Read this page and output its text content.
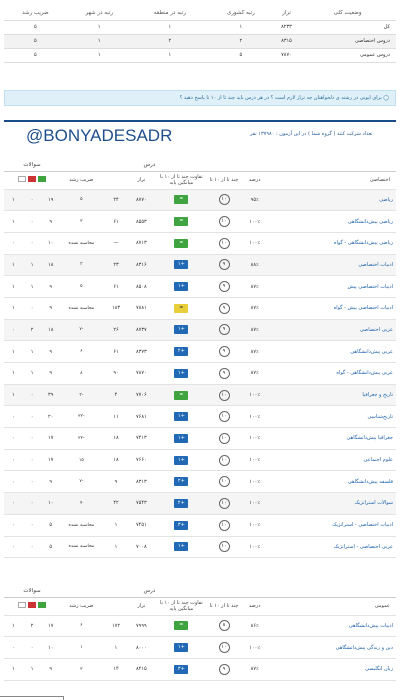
وضعیت کلی	تراز	رتبه کشوری	رتبه در منطقه	رتبه در شهر	ضریب رشد
کل	۸۲۳۳	۱	۱	۱	۵
دروس اختصاصی	۸۳۱۵	۲	۲	۱	۵
دروس عمومی	۷۸۷۰	۵	۱	۱	۵
◯ برای ایونی در رشته ی دلخواهتان چه تراز لازم است ؟ در هر درس باید چند تا از ۱۰ تا پاسخ دهید ؟
@BONYADESADR	تعداد شرکت کنند ( گروه شما ) در این آزمون : ۱۳۷۹۸۰ نفر
		درس					سوالات		
اختصاصی	درصد	چند تا از ۱۰ تا	تفاوت چند تا از ۱۰ با میانگین پایه	تراز		ضریب رشد			

ریاضی	۹۵٪	۱۰	=	۸۷۷۰	۲۴	۵	۱۹	۰	۱
ریاضی پیش‌دانشگاهی	۱۰۰٪	۱۰	=	۸۵۵۳	۶۱	۲	۹	۰	۱
ریاضی پیش‌دانشگاهی - گواه	۱۰۰٪	۱۰	=	۸۷۱۳	—	محاسبه نشده	۱۰	۰	۰
ادبیات اختصاصی	۸۸٪	۹	+۱	۸۳۱۶	۲۳	۳	۱۸	۱	۱
ادبیات اختصاصی پیش	۸۷٪	۹	+۱	۸۵۰۸	۶۱	۵	۹	۱	۱
ادبیات اختصاصی پیش - گواه	۸۷٪	۹	=	۷۸۸۱	۱۸۳	محاسبه نشده	۹	۰	۱
عربی اختصاصی	۸۷٪	۹	+۱	۸۷۳۷	۲۶	-۷	۱۸	۲	۰
عربی پیش‌دانشگاهی	۸۷٪	۹	+۲	۸۳۷۳	۶۱	۶	۹	۱	۱
عربی پیش‌دانشگاهی - گواه	۸۷٪	۹	+۱	۷۸۷۰	۹۰	۸	۹	۱	۱
تاریخ و جغرافیا	۱۰۰٪	۱۰	=	۷۷۰۶	۴	-۳	۳۹	۰	۱
تاریخ‌شناسی	۱۰۰٪	۱۰	+۱	۷۶۸۱	۱۱	-۲۲	۲۰	۰	۰
جغرافیا پیش‌دانشگاهی	۱۰۰٪	۱۰	+۱	۷۴۱۳	۱۸	-۲۲	۱۷	۰	۰
علوم اجتماعی	۱۰۰٪	۱۰	+۱	۷۶۶۰	۱۸	۱۵	۱۷	۰	۰
فلسفه پیش‌دانشگاهی	۱۰۰٪	۱۰	+۲	۸۳۱۳	۹	-۷	۹	۰	۰
سوالات استراتژیک	۱۰۰٪	۱۰	+۲	۷۵۴۳	۴۲	۴	۱۰	۰	۰
ادبیات اختصاصی - استراتژیک	۱۰۰٪	۱۰	+۳	۷۴۵۱	۱	محاسبه نشده	۵	۰	۰
عربی اختصاصی - استراتژیک	۱۰۰٪	۱۰	+۱	۷۰۰۸	۱	محاسبه نشده	۵	۰	۰
		درس					سوالات		
عمومی	درصد	چند تا از ۱۰ تا	تفاوت چند تا از ۱۰ با میانگین پایه	تراز		ضریب رشد			

ادبیات پیش‌دانشگاهی	۸۶٪	۸	=	۷۹۹۹	۱۷۲	۶	۱۷	۲	۱
دین و زندگی پیش‌دانشگاهی	۱۰۰٪	۱۰	+۱	۸۰۰۰	۱	۱	۱۰	۰	۰
زبان انگلیسی	۸۷٪	۹	+۳	۸۴۱۵	۱۴	۲	۹	۱	۱
